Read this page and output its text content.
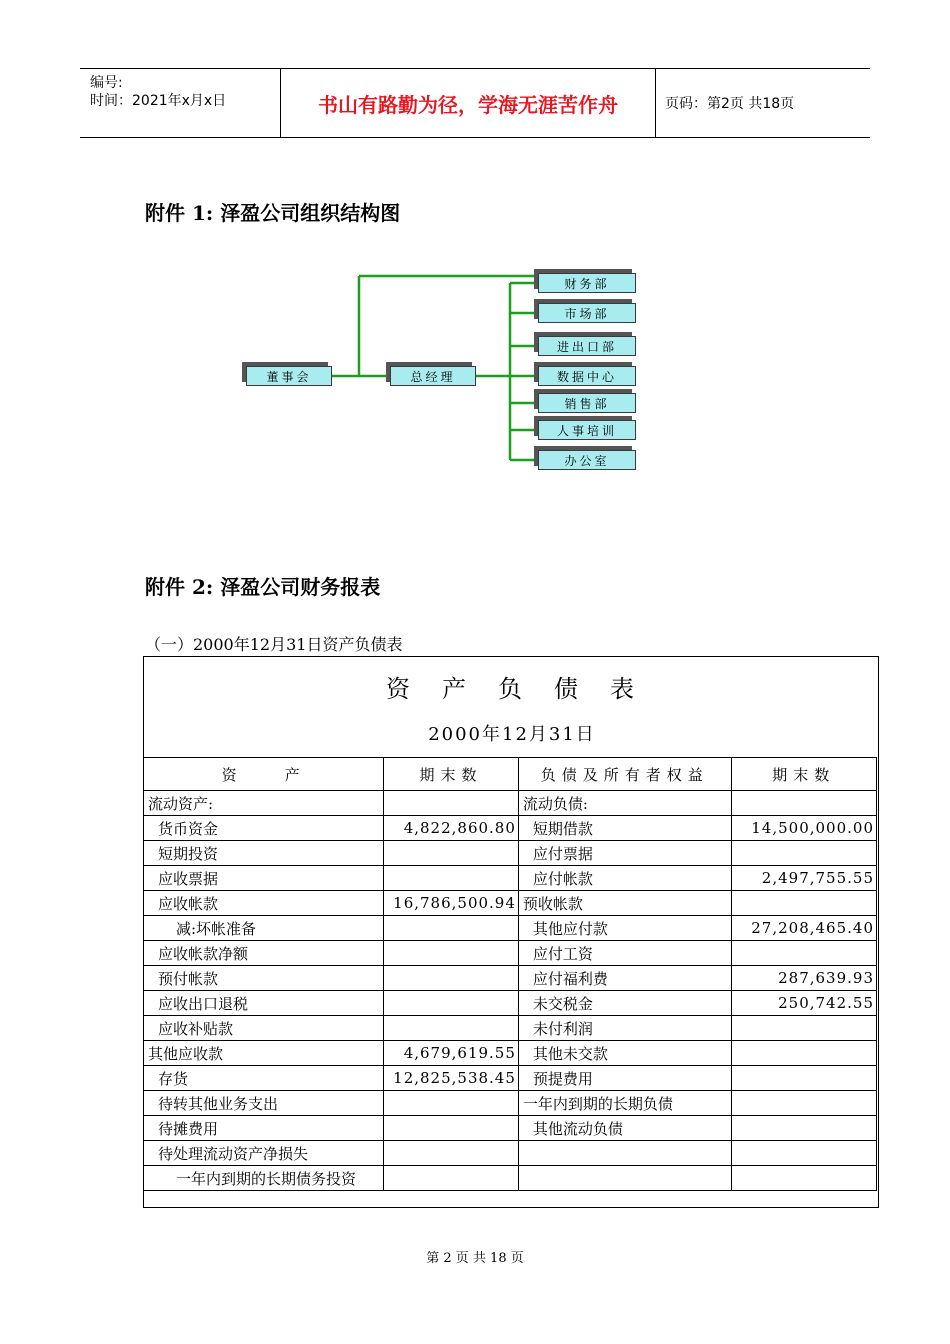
编号:
时间：2021年x月x日	书山有路勤为径，学海无涯苦作舟	页码：第2页 共18页
附件 1: 泽盈公司组织结构图
董事会	总经理
财务部
市场部
进出口部
数据中心
销售部
人事培训
办公室
附件 2: 泽盈公司财务报表
（一）2000年12月31日资产负债表
资　产　负　债　表
2000年12月31日
资　　产	期末数	负债及所有者权益	期末数
流动资产:		流动负债:	
货币资金	4,822,860.80	短期借款	14,500,000.00
短期投资		应付票据	
应收票据		应付帐款	2,497,755.55
应收帐款	16,786,500.94	预收帐款	
减:坏帐准备		其他应付款	27,208,465.40
应收帐款净额		应付工资	
预付帐款		应付福利费	287,639.93
应收出口退税		未交税金	250,742.55
应收补贴款		未付利润	
其他应收款	4,679,619.55	其他未交款	
存货	12,825,538.45	预提费用	
待转其他业务支出		一年内到期的长期负债	
待摊费用		其他流动负债	
待处理流动资产净损失			
一年内到期的长期债务投资			
第 2 页 共 18 页
